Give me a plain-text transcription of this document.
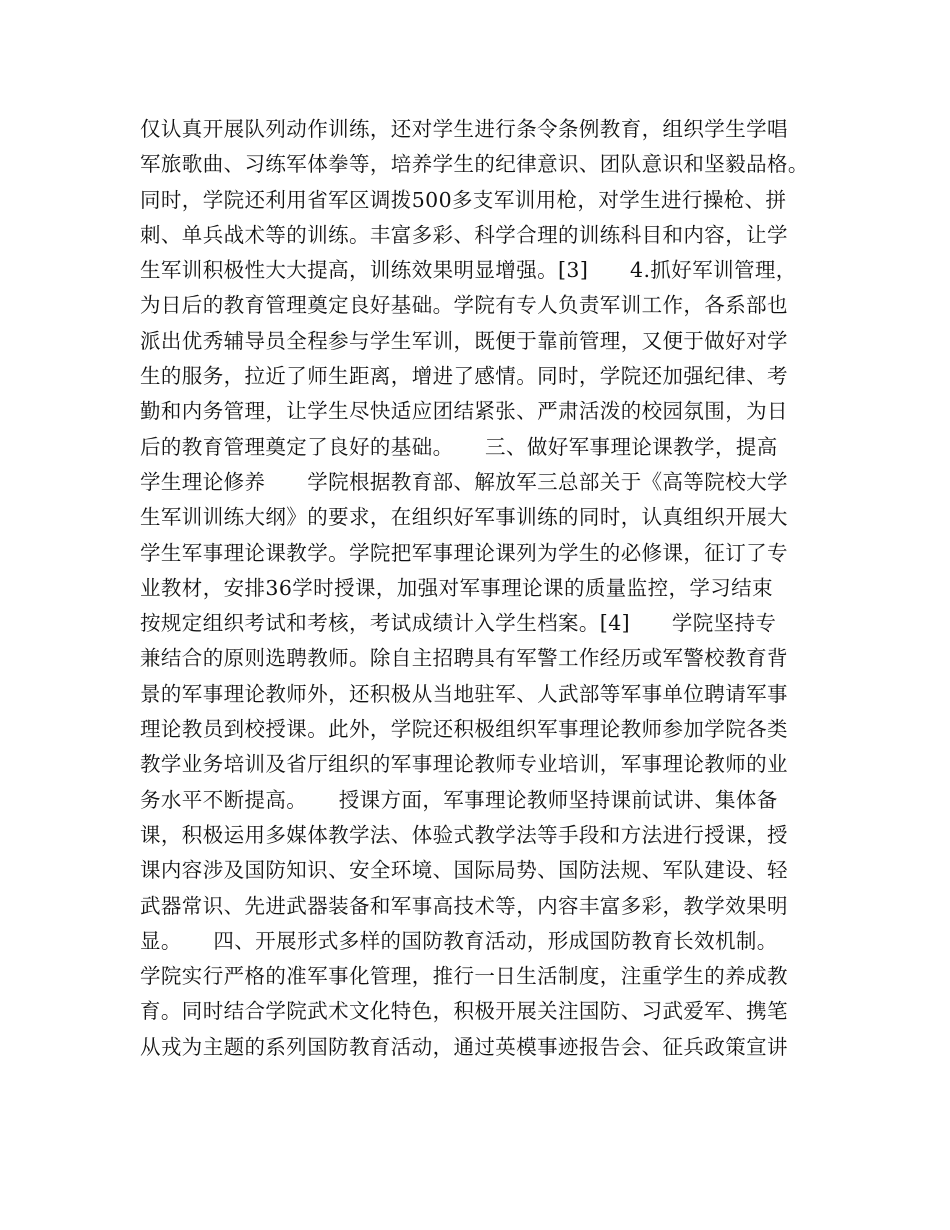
仅认真开展队列动作训练，还对学生进行条令条例教育，组织学生学唱
军旅歌曲、习练军体拳等，培养学生的纪律意识、团队意识和坚毅品格。
同时，学院还利用省军区调拨500多支军训用枪，对学生进行操枪、拼
刺、单兵战术等的训练。丰富多彩、科学合理的训练科目和内容，让学
生军训积极性大大提高，训练效果明显增强。[3]　　4.抓好军训管理，
为日后的教育管理奠定良好基础。学院有专人负责军训工作，各系部也
派出优秀辅导员全程参与学生军训，既便于靠前管理，又便于做好对学
生的服务，拉近了师生距离，增进了感情。同时，学院还加强纪律、考
勤和内务管理，让学生尽快适应团结紧张、严肃活泼的校园氛围，为日
后的教育管理奠定了良好的基础。　　三、做好军事理论课教学，提高
学生理论修养　　学院根据教育部、解放军三总部关于《高等院校大学
生军训训练大纲》的要求，在组织好军事训练的同时，认真组织开展大
学生军事理论课教学。学院把军事理论课列为学生的必修课，征订了专
业教材，安排36学时授课，加强对军事理论课的质量监控，学习结束
按规定组织考试和考核，考试成绩计入学生档案。[4]　　学院坚持专
兼结合的原则选聘教师。除自主招聘具有军警工作经历或军警校教育背
景的军事理论教师外，还积极从当地驻军、人武部等军事单位聘请军事
理论教员到校授课。此外，学院还积极组织军事理论教师参加学院各类
教学业务培训及省厅组织的军事理论教师专业培训，军事理论教师的业
务水平不断提高。　　授课方面，军事理论教师坚持课前试讲、集体备
课，积极运用多媒体教学法、体验式教学法等手段和方法进行授课，授
课内容涉及国防知识、安全环境、国际局势、国防法规、军队建设、轻
武器常识、先进武器装备和军事高技术等，内容丰富多彩，教学效果明
显。　　四、开展形式多样的国防教育活动，形成国防教育长效机制。
学院实行严格的准军事化管理，推行一日生活制度，注重学生的养成教
育。同时结合学院武术文化特色，积极开展关注国防、习武爱军、携笔
从戎为主题的系列国防教育活动，通过英模事迹报告会、征兵政策宣讲
